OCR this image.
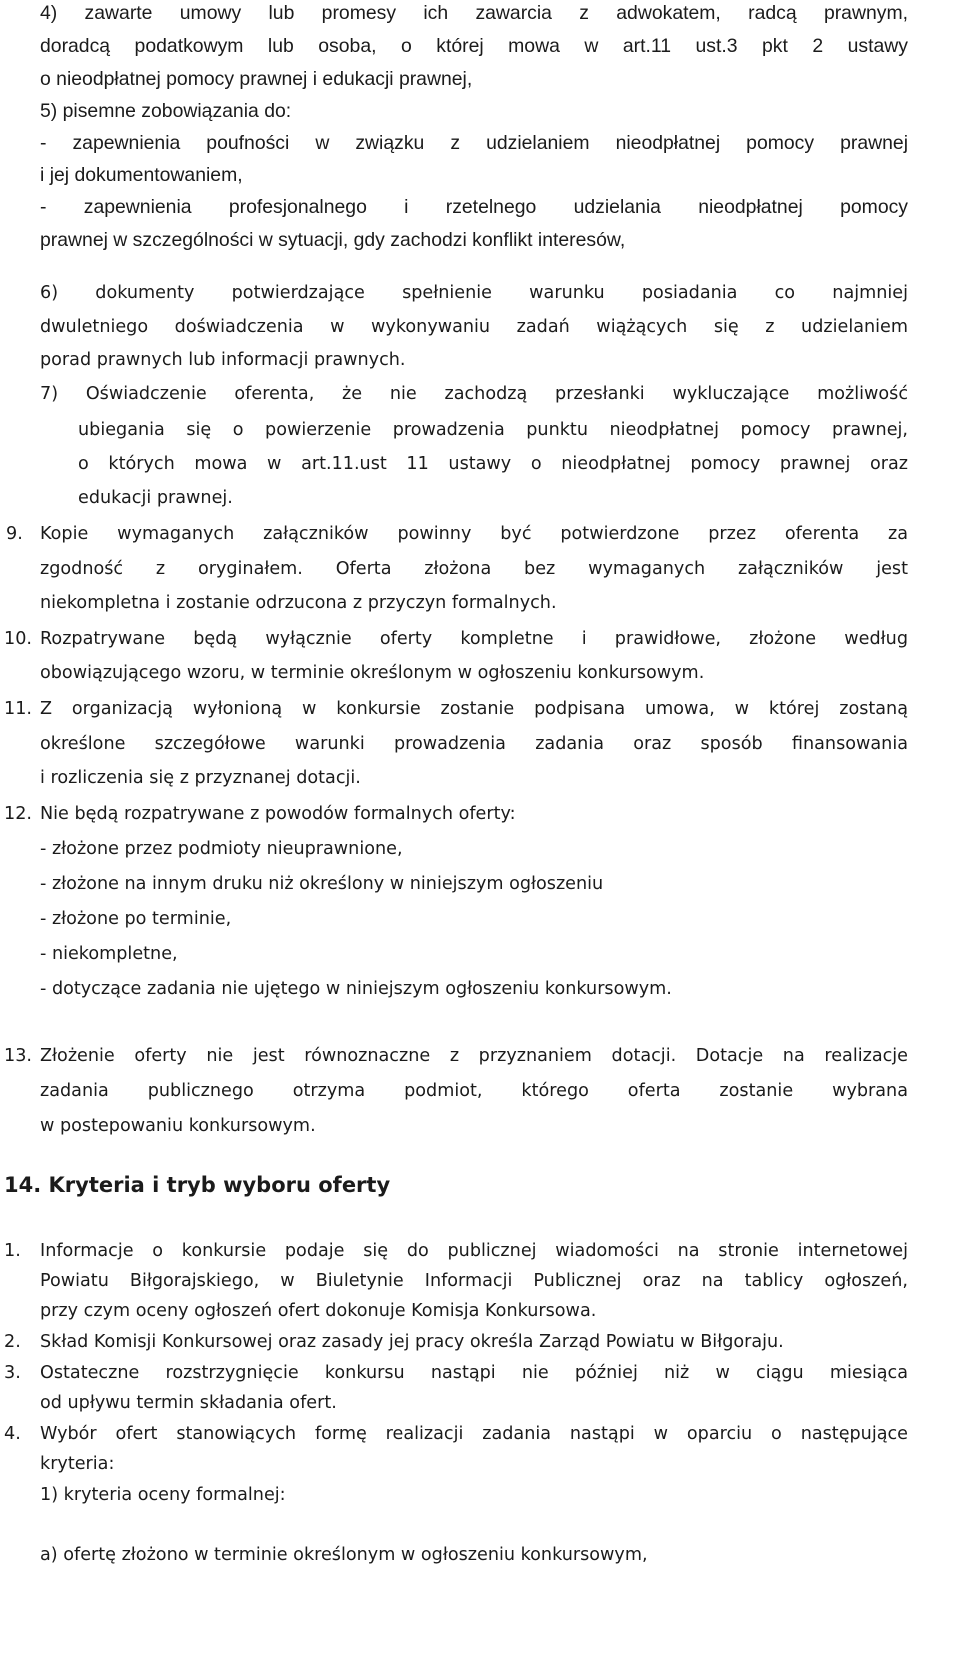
4) zawarte umowy lub promesy ich zawarcia z adwokatem, radcą prawnym,
doradcą podatkowym lub osoba, o której mowa w art.11 ust.3 pkt 2 ustawy
o nieodpłatnej pomocy prawnej i edukacji prawnej,
5) pisemne zobowiązania do:
- zapewnienia poufności w związku z udzielaniem nieodpłatnej pomocy prawnej
i jej dokumentowaniem,
- zapewnienia profesjonalnego i rzetelnego udzielania nieodpłatnej pomocy
prawnej w szczególności w sytuacji, gdy zachodzi konflikt interesów,
6) dokumenty potwierdzające spełnienie warunku posiadania co najmniej
dwuletniego doświadczenia w wykonywaniu zadań wiążących się z udzielaniem
porad prawnych lub informacji prawnych.
7) Oświadczenie oferenta, że nie zachodzą przesłanki wykluczające możliwość
ubiegania się o powierzenie prowadzenia punktu nieodpłatnej pomocy prawnej,
o których mowa w art.11.ust 11 ustawy o nieodpłatnej pomocy prawnej oraz
edukacji prawnej.
9. Kopie wymaganych załączników powinny być potwierdzone przez oferenta za
zgodność z oryginałem. Oferta złożona bez wymaganych załączników jest
niekompletna i zostanie odrzucona z przyczyn formalnych.
10. Rozpatrywane będą wyłącznie oferty kompletne i prawidłowe, złożone według
obowiązującego wzoru, w terminie określonym w ogłoszeniu konkursowym.
11. Z organizacją wyłonioną w konkursie zostanie podpisana umowa, w której zostaną
określone szczegółowe warunki prowadzenia zadania oraz sposób finansowania
i rozliczenia się z przyznanej dotacji.
12. Nie będą rozpatrywane z powodów formalnych oferty:
- złożone przez podmioty nieuprawnione,
- złożone na innym druku niż określony w niniejszym ogłoszeniu
- złożone po terminie,
- niekompletne,
- dotyczące zadania nie ujętego w niniejszym ogłoszeniu konkursowym.
13. Złożenie oferty nie jest równoznaczne z przyznaniem dotacji. Dotacje na realizacje
zadania publicznego otrzyma podmiot, którego oferta zostanie wybrana
w postepowaniu konkursowym.
14. Kryteria i tryb wyboru oferty
1. Informacje o konkursie podaje się do publicznej wiadomości na stronie internetowej
Powiatu Biłgorajskiego, w Biuletynie Informacji Publicznej oraz na tablicy ogłoszeń,
przy czym oceny ogłoszeń ofert dokonuje Komisja Konkursowa.
2. Skład Komisji Konkursowej oraz zasady jej pracy określa Zarząd Powiatu w Biłgoraju.
3. Ostateczne rozstrzygnięcie konkursu nastąpi nie później niż w ciągu miesiąca
od upływu termin składania ofert.
4. Wybór ofert stanowiących formę realizacji zadania nastąpi w oparciu o następujące
kryteria:
1) kryteria oceny formalnej:
a) ofertę złożono w terminie określonym w ogłoszeniu konkursowym,
